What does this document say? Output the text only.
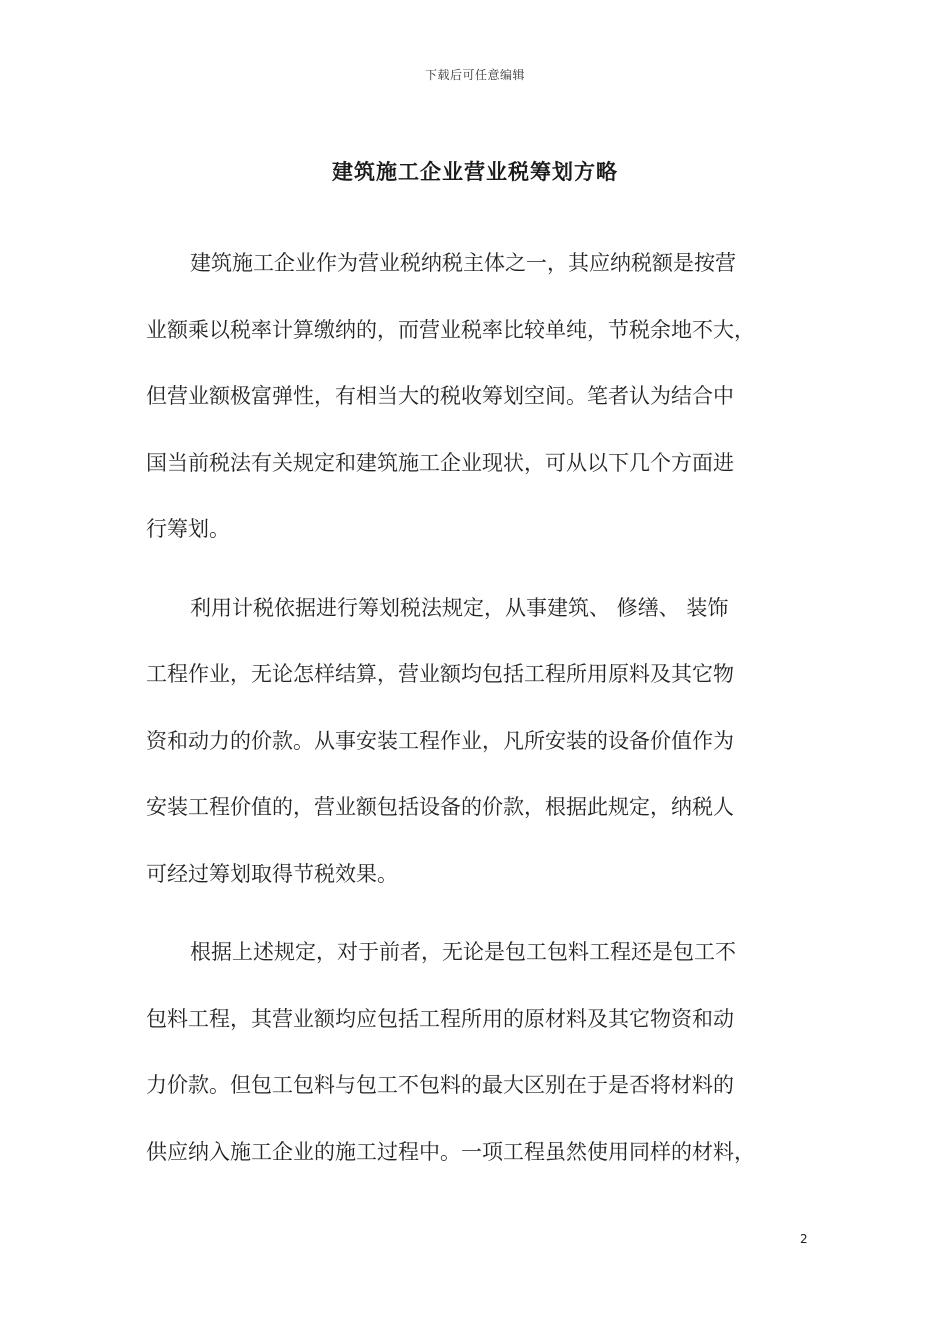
下载后可任意编辑
建筑施工企业营业税筹划方略

建筑施工企业作为营业税纳税主体之一，其应纳税额是按营
业额乘以税率计算缴纳的，而营业税率比较单纯，节税余地不大，
但营业额极富弹性，有相当大的税收筹划空间。笔者认为结合中
国当前税法有关规定和建筑施工企业现状，可从以下几个方面进
行筹划。

利用计税依据进行筹划税法规定，从事建筑、 修缮、 装饰
工程作业，无论怎样结算，营业额均包括工程所用原料及其它物
资和动力的价款。从事安装工程作业，凡所安装的设备价值作为
安装工程价值的，营业额包括设备的价款，根据此规定，纳税人
可经过筹划取得节税效果。

根据上述规定，对于前者，无论是包工包料工程还是包工不
包料工程，其营业额均应包括工程所用的原材料及其它物资和动
力价款。但包工包料与包工不包料的最大区别在于是否将材料的
供应纳入施工企业的施工过程中。一项工程虽然使用同样的材料，

2
